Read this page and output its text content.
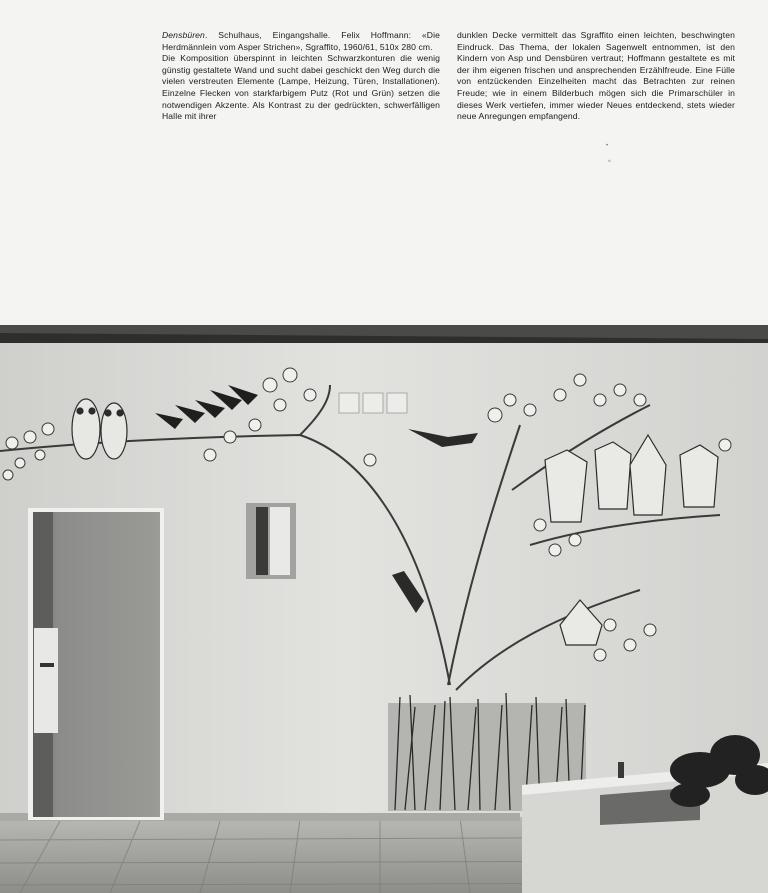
Densbüren. Schulhaus, Eingangshalle. Felix Hoffmann: «Die Herdmännlein vom Asper Strichen», Sgraffito, 1960/61, 510x 280 cm.

Die Komposition überspinnt in leichten Schwarzkonturen die wenig günstig gestaltete Wand und sucht dabei geschickt den Weg durch die vielen verstreuten Elemente (Lampe, Heizung, Türen, Installationen). Einzelne Flecken von starkfarbigem Putz (Rot und Grün) setzen die notwendigen Akzente. Als Kontrast zu der gedrückten, schwerfälligen Halle mit ihrer

dunklen Decke vermittelt das Sgraffito einen leichten, beschwingten Eindruck. Das Thema, der lokalen Sagenwelt entnommen, ist den Kindern von Asp und Densbüren vertraut; Hoffmann gestaltete es mit der ihm eigenen frischen und ansprechenden Erzählfreude. Eine Fülle von entzückenden Einzelheiten macht das Betrachten zur reinen Freude; wie in einem Bilderbuch mögen sich die Primarschüler in dieses Werk vertiefen, immer wieder Neues entdeckend, stets wieder neue Anregungen empfangend.

•
^
